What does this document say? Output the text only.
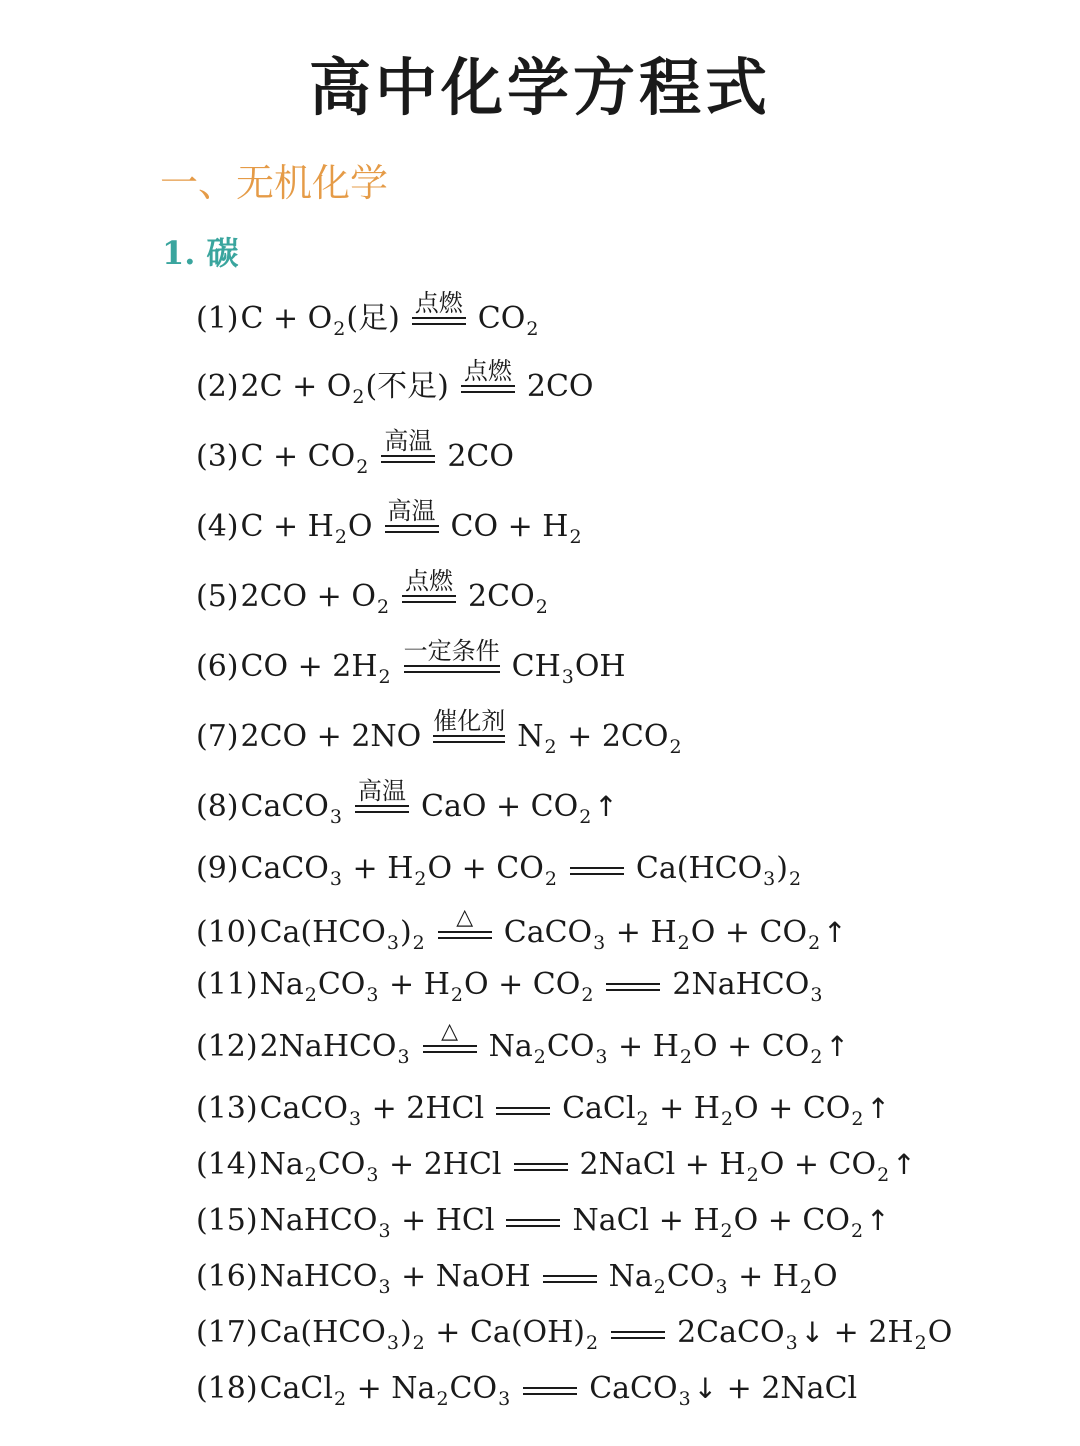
高中化学方程式
一、无机化学
1. 碳
(1) $C + O_2$(足) 点燃 $CO_2$
(2) $2C + O_2$(不足) 点燃 2CO
(3) $C + CO_2$
高温 2CO
(4) $C + H_2O$ 高温 CO + $H_2$
(5) $2CO + O_2$
点燃 $2CO_2$
(6) CO + $2H_2$
一定条件 $CH_3OH$
(7) 2CO + 2NO 催化剂 $N_2 + 2CO_2$
(8) CaCO$_3$
高温 CaO + $CO_2$ ↑
(9) CaCO$_3$ + $H_2O + CO_2$	$Ca(HCO_3)_2$
(10) $Ca(HCO_3)_2$
△ CaCO$_3$ + $H_2O + CO_2$ ↑
(11) $Na_2CO_3 + H_2O + CO_2$	2NaHCO$_3$
(12) 2NaHCO$_3$
△ $Na_2CO_3 + H_2O + CO_2$ ↑
(13) CaCO$_3$ + 2HCl	CaCl$_2$ + $H_2O + CO_2$ ↑
(14) $Na_2CO_3 + 2HCl$	2NaCl + $H_2O + CO_2$ ↑
(15) NaHCO$_3$ + HCl	NaCl + $H_2O + CO_2$ ↑
(16) NaHCO$_3$ + NaOH	$Na_2CO_3 + H_2O$
(17) $Ca(HCO_3)_2 + Ca(OH)_2$	2CaCO$_3$ ↓ + $2H_2O$
(18) CaCl$_2$ + $Na_2CO_3$	CaCO$_3$ ↓ + 2NaCl
